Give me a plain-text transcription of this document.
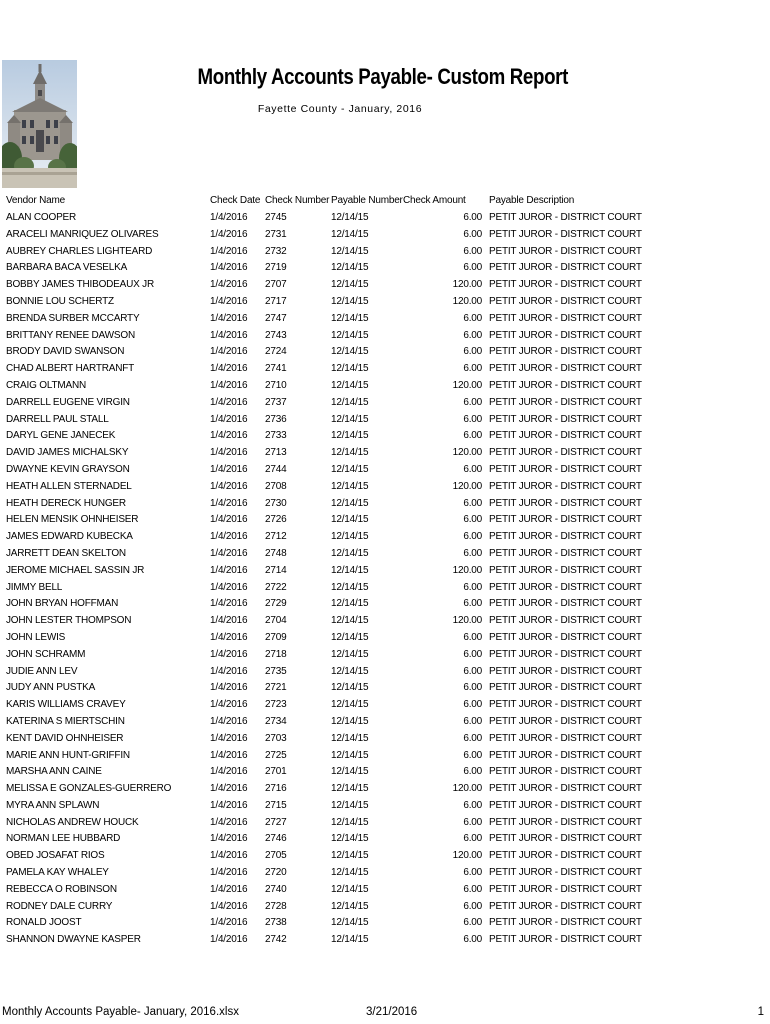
Monthly Accounts Payable- Custom Report
Fayette County - January, 2016
Vendor Name	Check Date	Check Number	Payable Number	Check Amount	Payable Description
ALAN COOPER	1/4/2016	2745	12/14/15	6.00	PETIT JUROR - DISTRICT COURT
ARACELI MANRIQUEZ OLIVARES	1/4/2016	2731	12/14/15	6.00	PETIT JUROR - DISTRICT COURT
AUBREY CHARLES LIGHTEARD	1/4/2016	2732	12/14/15	6.00	PETIT JUROR - DISTRICT COURT
BARBARA BACA VESELKA	1/4/2016	2719	12/14/15	6.00	PETIT JUROR - DISTRICT COURT
BOBBY JAMES THIBODEAUX JR	1/4/2016	2707	12/14/15	120.00	PETIT JUROR - DISTRICT COURT
BONNIE LOU SCHERTZ	1/4/2016	2717	12/14/15	120.00	PETIT JUROR - DISTRICT COURT
BRENDA SURBER MCCARTY	1/4/2016	2747	12/14/15	6.00	PETIT JUROR - DISTRICT COURT
BRITTANY RENEE DAWSON	1/4/2016	2743	12/14/15	6.00	PETIT JUROR - DISTRICT COURT
BRODY DAVID SWANSON	1/4/2016	2724	12/14/15	6.00	PETIT JUROR - DISTRICT COURT
CHAD ALBERT HARTRANFT	1/4/2016	2741	12/14/15	6.00	PETIT JUROR - DISTRICT COURT
CRAIG OLTMANN	1/4/2016	2710	12/14/15	120.00	PETIT JUROR - DISTRICT COURT
DARRELL EUGENE VIRGIN	1/4/2016	2737	12/14/15	6.00	PETIT JUROR - DISTRICT COURT
DARRELL PAUL STALL	1/4/2016	2736	12/14/15	6.00	PETIT JUROR - DISTRICT COURT
DARYL GENE JANECEK	1/4/2016	2733	12/14/15	6.00	PETIT JUROR - DISTRICT COURT
DAVID JAMES MICHALSKY	1/4/2016	2713	12/14/15	120.00	PETIT JUROR - DISTRICT COURT
DWAYNE KEVIN GRAYSON	1/4/2016	2744	12/14/15	6.00	PETIT JUROR - DISTRICT COURT
HEATH ALLEN STERNADEL	1/4/2016	2708	12/14/15	120.00	PETIT JUROR - DISTRICT COURT
HEATH DERECK HUNGER	1/4/2016	2730	12/14/15	6.00	PETIT JUROR - DISTRICT COURT
HELEN MENSIK OHNHEISER	1/4/2016	2726	12/14/15	6.00	PETIT JUROR - DISTRICT COURT
JAMES EDWARD KUBECKA	1/4/2016	2712	12/14/15	6.00	PETIT JUROR - DISTRICT COURT
JARRETT DEAN SKELTON	1/4/2016	2748	12/14/15	6.00	PETIT JUROR - DISTRICT COURT
JEROME MICHAEL SASSIN JR	1/4/2016	2714	12/14/15	120.00	PETIT JUROR - DISTRICT COURT
JIMMY BELL	1/4/2016	2722	12/14/15	6.00	PETIT JUROR - DISTRICT COURT
JOHN BRYAN HOFFMAN	1/4/2016	2729	12/14/15	6.00	PETIT JUROR - DISTRICT COURT
JOHN LESTER THOMPSON	1/4/2016	2704	12/14/15	120.00	PETIT JUROR - DISTRICT COURT
JOHN LEWIS	1/4/2016	2709	12/14/15	6.00	PETIT JUROR - DISTRICT COURT
JOHN SCHRAMM	1/4/2016	2718	12/14/15	6.00	PETIT JUROR - DISTRICT COURT
JUDIE ANN LEV	1/4/2016	2735	12/14/15	6.00	PETIT JUROR - DISTRICT COURT
JUDY ANN PUSTKA	1/4/2016	2721	12/14/15	6.00	PETIT JUROR - DISTRICT COURT
KARIS WILLIAMS CRAVEY	1/4/2016	2723	12/14/15	6.00	PETIT JUROR - DISTRICT COURT
KATERINA S MIERTSCHIN	1/4/2016	2734	12/14/15	6.00	PETIT JUROR - DISTRICT COURT
KENT DAVID OHNHEISER	1/4/2016	2703	12/14/15	6.00	PETIT JUROR - DISTRICT COURT
MARIE ANN HUNT-GRIFFIN	1/4/2016	2725	12/14/15	6.00	PETIT JUROR - DISTRICT COURT
MARSHA ANN CAINE	1/4/2016	2701	12/14/15	6.00	PETIT JUROR - DISTRICT COURT
MELISSA E GONZALES-GUERRERO	1/4/2016	2716	12/14/15	120.00	PETIT JUROR - DISTRICT COURT
MYRA ANN SPLAWN	1/4/2016	2715	12/14/15	6.00	PETIT JUROR - DISTRICT COURT
NICHOLAS ANDREW HOUCK	1/4/2016	2727	12/14/15	6.00	PETIT JUROR - DISTRICT COURT
NORMAN LEE HUBBARD	1/4/2016	2746	12/14/15	6.00	PETIT JUROR - DISTRICT COURT
OBED JOSAFAT RIOS	1/4/2016	2705	12/14/15	120.00	PETIT JUROR - DISTRICT COURT
PAMELA KAY WHALEY	1/4/2016	2720	12/14/15	6.00	PETIT JUROR - DISTRICT COURT
REBECCA O ROBINSON	1/4/2016	2740	12/14/15	6.00	PETIT JUROR - DISTRICT COURT
RODNEY DALE CURRY	1/4/2016	2728	12/14/15	6.00	PETIT JUROR - DISTRICT COURT
RONALD JOOST	1/4/2016	2738	12/14/15	6.00	PETIT JUROR - DISTRICT COURT
SHANNON DWAYNE KASPER	1/4/2016	2742	12/14/15	6.00	PETIT JUROR - DISTRICT COURT
Monthly Accounts Payable- January, 2016.xlsx	3/21/2016	1
